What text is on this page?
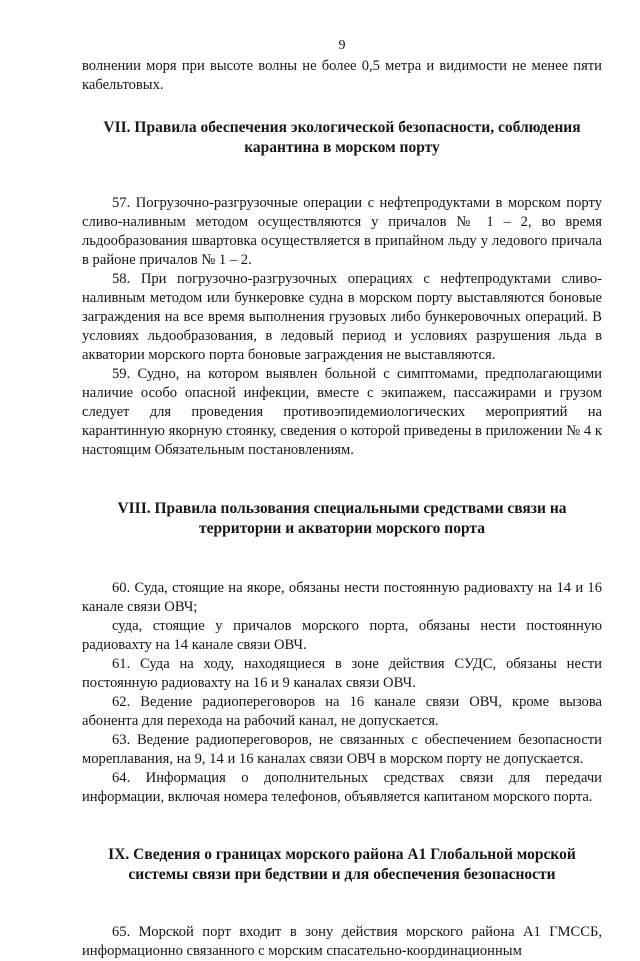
9

волнении моря при высоте волны не более 0,5 метра и видимости не менее пяти кабельтовых.

VII. Правила обеспечения экологической безопасности, соблюдения карантина в морском порту

57. Погрузочно-разгрузочные операции с нефтепродуктами в морском порту сливо-наливным методом осуществляются у причалов № 1 – 2, во время льдообразования швартовка осуществляется в припайном льду у ледового причала в районе причалов № 1 – 2.

58. При погрузочно-разгрузочных операциях с нефтепродуктами сливо-наливным методом или бункеровке судна в морском порту выставляются боновые заграждения на все время выполнения грузовых либо бункеровочных операций. В условиях льдообразования, в ледовый период и условиях разрушения льда в акватории морского порта боновые заграждения не выставляются.

59. Судно, на котором выявлен больной с симптомами, предполагающими наличие особо опасной инфекции, вместе с экипажем, пассажирами и грузом следует для проведения противоэпидемиологических мероприятий на карантинную якорную стоянку, сведения о которой приведены в приложении № 4 к настоящим Обязательным постановлениям.

VIII. Правила пользования специальными средствами связи на территории и акватории морского порта

60. Суда, стоящие на якоре, обязаны нести постоянную радиовахту на 14 и 16 канале связи ОВЧ;

суда, стоящие у причалов морского порта, обязаны нести постоянную радиовахту на 14 канале связи ОВЧ.

61. Суда на ходу, находящиеся в зоне действия СУДС, обязаны нести постоянную радиовахту на 16 и 9 каналах связи ОВЧ.

62. Ведение радиопереговоров на 16 канале связи ОВЧ, кроме вызова абонента для перехода на рабочий канал, не допускается.

63. Ведение радиопереговоров, не связанных с обеспечением безопасности мореплавания, на 9, 14 и 16 каналах связи ОВЧ в морском порту не допускается.

64. Информация о дополнительных средствах связи для передачи информации, включая номера телефонов, объявляется капитаном морского порта.

IX. Сведения о границах морского района А1 Глобальной морской системы связи при бедствии и для обеспечения безопасности

65. Морской порт входит в зону действия морского района А1 ГМССБ, информационно связанного с морским спасательно-координационным
